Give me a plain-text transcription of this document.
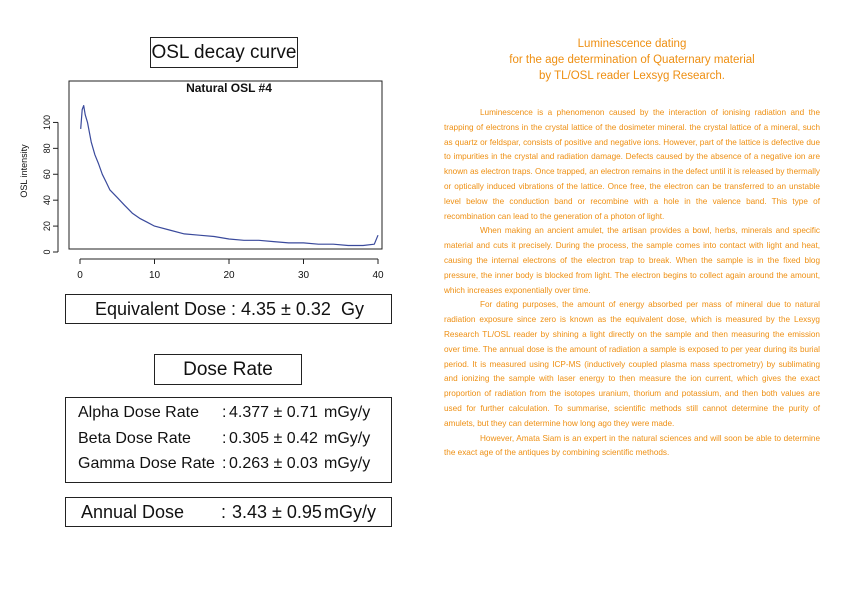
OSL decay curve
Natural OSL #4
OSL intensity
0
20
40
60
80
100
0	10	20	30	40
Equivalent Dose : 4.35 ± 0.32 Gy
Dose Rate
Alpha Dose Rate : 4.377 ± 0.71 mGy/y
Beta Dose Rate : 0.305 ± 0.42 mGy/y
Gamma Dose Rate : 0.263 ± 0.03 mGy/y
Annual Dose : 3.43 ± 0.95 mGy/y
Luminescence dating
for the age determination of Quaternary material
by TL/OSL reader Lexsyg Research.

Luminescence is a phenomenon caused by the interaction of ionising radiation and the trapping of electrons in the crystal lattice of the dosimeter mineral. the crystal lattice of a mineral, such as quartz or feldspar, consists of positive and negative ions. However, part of the lattice is defective due to impurities in the crystal and radiation damage. Defects caused by the absence of a negative ion are known as electron traps. Once trapped, an electron remains in the defect until it is released by thermally or optically induced vibrations of the lattice. Once free, the electron can be transferred to an unstable level below the conduction band or recombine with a hole in the valence band. This type of recombination can lead to the generation of a photon of light.

When making an ancient amulet, the artisan provides a bowl, herbs, minerals and specific material and cuts it precisely. During the process, the sample comes into contact with light and heat, causing the internal electrons of the electron trap to break. When the sample is in the fixed blog pressure, the inner body is blocked from light. The electron begins to collect again around the amount, which increases exponentially over time.

For dating purposes, the amount of energy absorbed per mass of mineral due to natural radiation exposure since zero is known as the equivalent dose, which is measured by the Lexsyg Research TL/OSL reader by shining a light directly on the sample and then measuring the emission over time. The annual dose is the amount of radiation a sample is exposed to per year during its burial period. It is measured using ICP-MS (inductively coupled plasma mass spectrometry) by sublimating and ionizing the sample with laser energy to then measure the ion current, which gives the exact proportion of radiation from the isotopes uranium, thorium and potassium, and then both values are used for further calculation. To summarise, scientific methods still cannot determine the purity of amulets, but they can determine how long ago they were made.

However, Amata Siam is an expert in the natural sciences and will soon be able to determine the exact age of the antiques by combining scientific methods.
